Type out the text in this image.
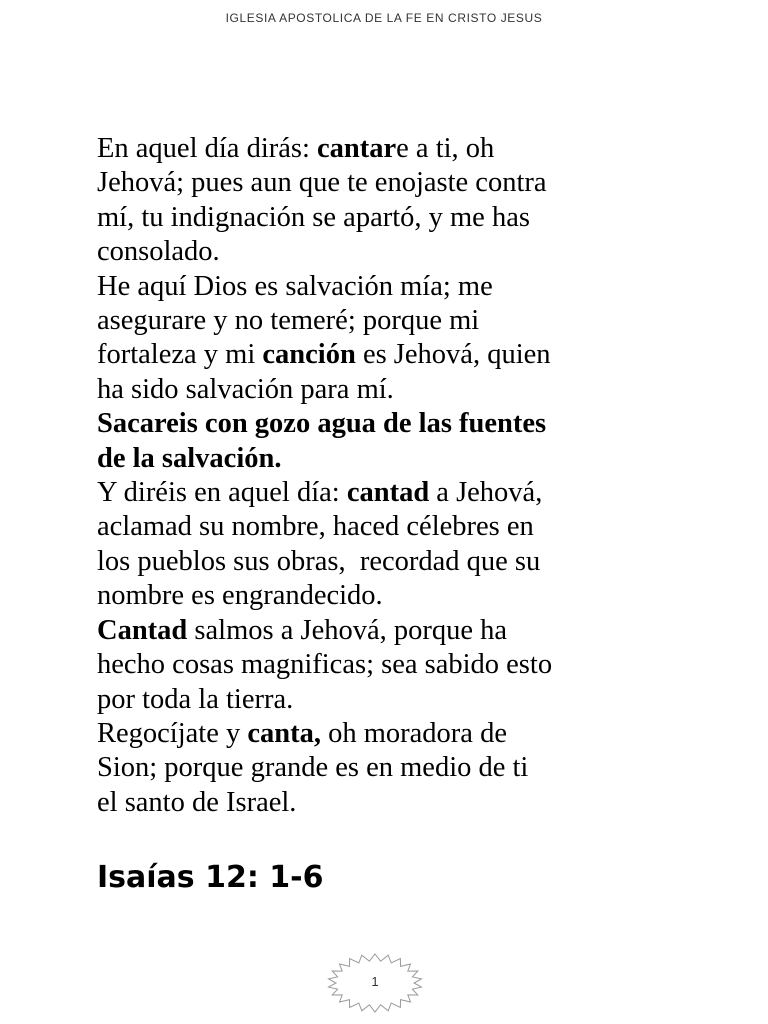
IGLESIA APOSTOLICA DE LA FE EN CRISTO JESUS
En aquel día dirás: cantare a ti, oh
Jehová; pues aun que te enojaste contra
mí, tu indignación se apartó, y me has
consolado.
He aquí Dios es salvación mía; me
asegurare y no temeré; porque mi
fortaleza y mi canción es Jehová, quien
ha sido salvación para mí.
Sacareis con gozo agua de las fuentes
de la salvación.
Y diréis en aquel día: cantad a Jehová,
aclamad su nombre, haced célebres en
los pueblos sus obras,  recordad que su
nombre es engrandecido.
Cantad salmos a Jehová, porque ha
hecho cosas magnificas; sea sabido esto
por toda la tierra.
Regocíjate y canta, oh moradora de
Sion; porque grande es en medio de ti
el santo de Israel.
Isaías 12: 1-6
1
